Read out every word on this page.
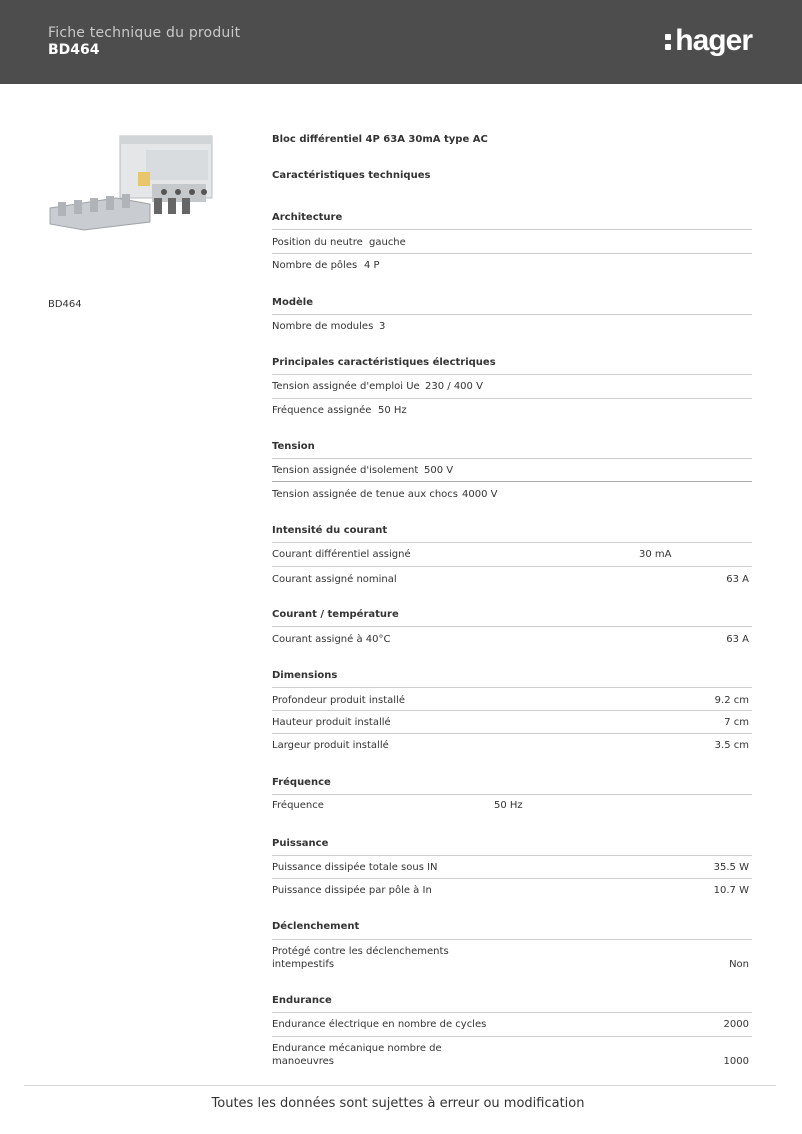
Fiche technique du produit
BD464	hager
BD464
Bloc différentiel 4P 63A 30mA type AC
Caractéristiques techniques
Architecture
Position du neutre gauche
Nombre de pôles 4 P
Modèle
Nombre de modules 3
Principales caractéristiques électriques
Tension assignée d'emploi Ue 230 / 400 V
Fréquence assignée 50 Hz
Tension
Tension assignée d'isolement 500 V
Tension assignée de tenue aux chocs 4000 V
Intensité du courant
Courant différentiel assigné	30 mA
Courant assigné nominal	63 A
Courant / température
Courant assigné à 40°C	63 A
Dimensions
Profondeur produit installé	9.2 cm
Hauteur produit installé	7 cm
Largeur produit installé	3.5 cm
Fréquence
Fréquence	50 Hz
Puissance
Puissance dissipée totale sous IN	35.5 W
Puissance dissipée par pôle à In	10.7 W
Déclenchement
Protégé contre les déclenchements
intempestifs	Non
Endurance
Endurance électrique en nombre de cycles	2000
Endurance mécanique nombre de
manoeuvres	1000
Toutes les données sont sujettes à erreur ou modification
